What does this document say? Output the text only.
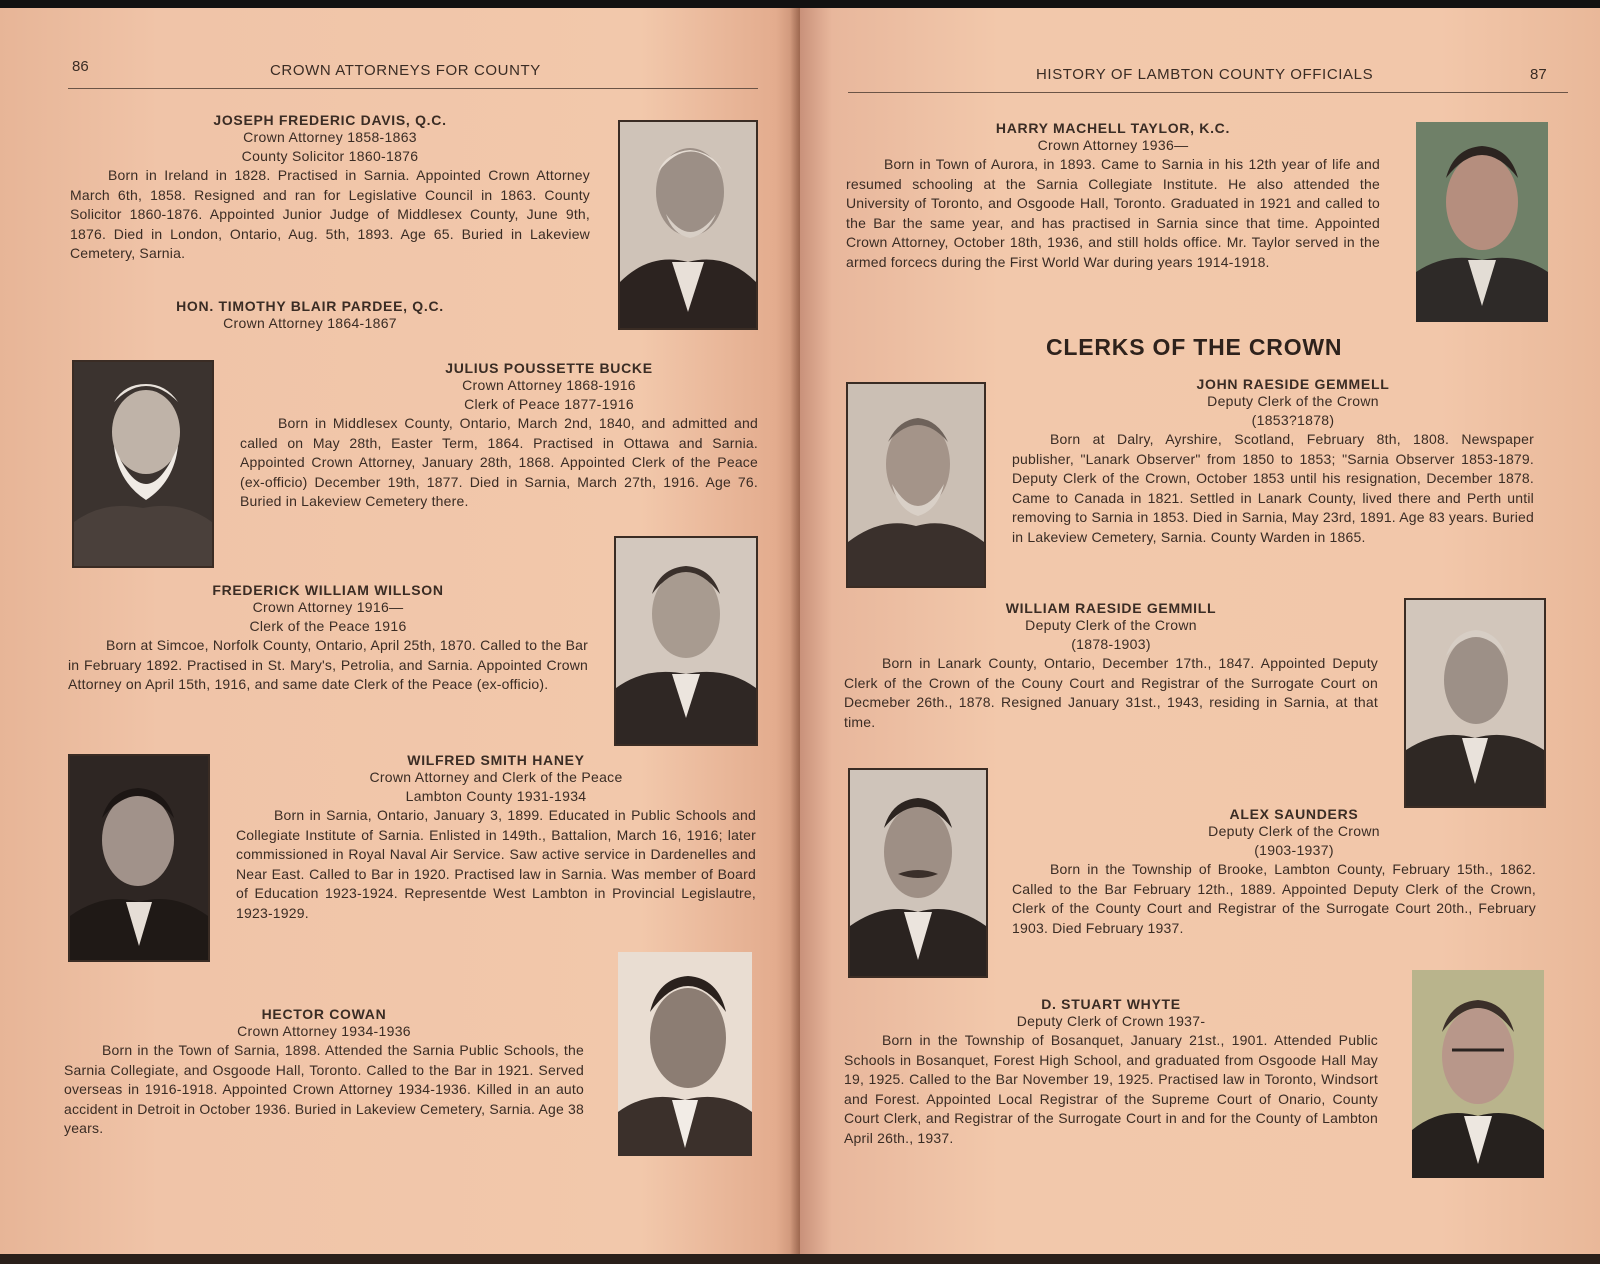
86	CROWN ATTORNEYS FOR COUNTY
JOSEPH FREDERIC DAVIS, Q.C.
Crown Attorney 1858-1863
County Solicitor 1860-1876

Born in Ireland in 1828. Practised in Sarnia. Appointed Crown Attorney March 6th, 1858. Resigned and ran for Legislative Council in 1863. County Solicitor 1860-1876. Appointed Junior Judge of Middlesex County, June 9th, 1876. Died in London, Ontario, Aug. 5th, 1893. Age 65. Buried in Lakeview Cemetery, Sarnia.

HON. TIMOTHY BLAIR PARDEE, Q.C.
Crown Attorney 1864-1867
JULIUS POUSSETTE BUCKE
Crown Attorney 1868-1916
Clerk of Peace 1877-1916

Born in Middlesex County, Ontario, March 2nd, 1840, and admitted and called on May 28th, Easter Term, 1864. Practised in Ottawa and Sarnia. Appointed Crown Attorney, January 28th, 1868. Appointed Clerk of the Peace (ex-officio) December 19th, 1877. Died in Sarnia, March 27th, 1916. Age 76. Buried in Lakeview Cemetery there.

FREDERICK WILLIAM WILLSON
Crown Attorney 1916—
Clerk of the Peace 1916

Born at Simcoe, Norfolk County, Ontario, April 25th, 1870. Called to the Bar in February 1892. Practised in St. Mary's, Petrolia, and Sarnia. Appointed Crown Attorney on April 15th, 1916, and same date Clerk of the Peace (ex-officio).

WILFRED SMITH HANEY
Crown Attorney and Clerk of the Peace
Lambton County 1931-1934

Born in Sarnia, Ontario, January 3, 1899. Educated in Public Schools and Collegiate Institute of Sarnia. Enlisted in 149th., Battalion, March 16, 1916; later commissioned in Royal Naval Air Service. Saw active service in Dardenelles and Near East. Called to Bar in 1920. Practised law in Sarnia. Was member of Board of Education 1923-1924. Representde West Lambton in Provincial Legislautre, 1923-1929.

HECTOR COWAN
Crown Attorney 1934-1936

Born in the Town of Sarnia, 1898. Attended the Sarnia Public Schools, the Sarnia Collegiate, and Osgoode Hall, Toronto. Called to the Bar in 1921. Served overseas in 1916-1918. Appointed Crown Attorney 1934-1936. Killed in an auto accident in Detroit in October 1936. Buried in Lakeview Cemetery, Sarnia. Age 38 years.

HISTORY OF LAMBTON COUNTY OFFICIALS	87
HARRY MACHELL TAYLOR, K.C.
Crown Attorney 1936—

Born in Town of Aurora, in 1893. Came to Sarnia in his 12th year of life and resumed schooling at the Sarnia Collegiate Institute. He also attended the University of Toronto, and Osgoode Hall, Toronto. Graduated in 1921 and called to the Bar the same year, and has practised in Sarnia since that time. Appointed Crown Attorney, October 18th, 1936, and still holds office. Mr. Taylor served in the armed forcecs during the First World War during years 1914-1918.

CLERKS OF THE CROWN
JOHN RAESIDE GEMMELL
Deputy Clerk of the Crown
(1853?1878)

Born at Dalry, Ayrshire, Scotland, February 8th, 1808. Newspaper publisher, "Lanark Observer" from 1850 to 1853; "Sarnia Observer 1853-1879. Deputy Clerk of the Crown, October 1853 until his resignation, December 1878. Came to Canada in 1821. Settled in Lanark County, lived there and Perth until removing to Sarnia in 1853. Died in Sarnia, May 23rd, 1891. Age 83 years. Buried in Lakeview Cemetery, Sarnia. County Warden in 1865.

WILLIAM RAESIDE GEMMILL
Deputy Clerk of the Crown
(1878-1903)

Born in Lanark County, Ontario, December 17th., 1847. Appointed Deputy Clerk of the Crown of the Couny Court and Registrar of the Surrogate Court on Decmeber 26th., 1878. Resigned January 31st., 1943, residing in Sarnia, at that time.

ALEX SAUNDERS
Deputy Clerk of the Crown
(1903-1937)

Born in the Township of Brooke, Lambton County, February 15th., 1862. Called to the Bar February 12th., 1889. Appointed Deputy Clerk of the Crown, Clerk of the County Court and Registrar of the Surrogate Court 20th., February 1903. Died February 1937.

D. STUART WHYTE
Deputy Clerk of Crown 1937-

Born in the Township of Bosanquet, January 21st., 1901. Attended Public Schools in Bosanquet, Forest High School, and graduated from Osgoode Hall May 19, 1925. Called to the Bar November 19, 1925. Practised law in Toronto, Windsort and Forest. Appointed Local Registrar of the Supreme Court of Onario, County Court Clerk, and Registrar of the Surrogate Court in and for the County of Lambton April 26th., 1937.
